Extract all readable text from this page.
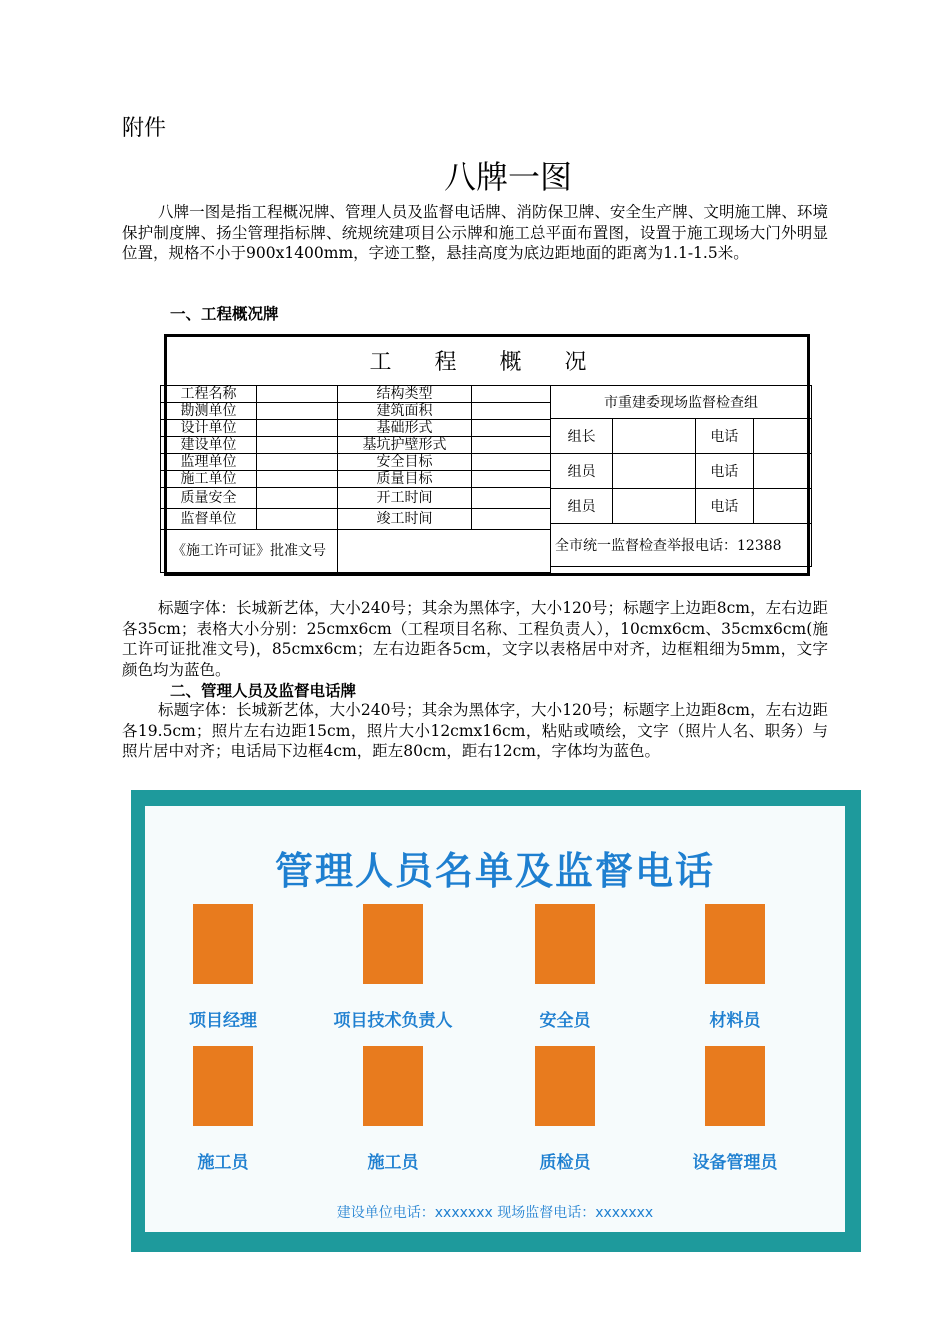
附件
八牌一图
八牌一图是指工程概况牌、管理人员及监督电话牌、消防保卫牌、安全生产牌、文明施工牌、环境保护制度牌、扬尘管理指标牌、统规统建项目公示牌和施工总平面布置图，设置于施工现场大门外明显位置，规格不小于900x1400mm，字迹工整，悬挂高度为底边距地面的距离为1.1-1.5米。
一、工程概况牌
工 程 概 况
工程名称		结构类型	
勘测单位		建筑面积	
设计单位		基础形式	
建设单位		基坑护壁形式	
监理单位		安全目标	
施工单位		质量目标	
质量安全		开工时间	
监督单位		竣工时间	
《施工许可证》批准文号			
市重建委现场监督检查组			
组长		电话	
组员		电话	
组员		电话	
全市统一监督检查举报电话：12388			
标题字体：长城新艺体，大小240号；其余为黑体字，大小120号；标题字上边距8cm，左右边距各35cm；表格大小分别：25cmx6cm（工程项目名称、工程负责人），10cmx6cm、35cmx6cm(施工许可证批准文号)，85cmx6cm；左右边距各5cm，文字以表格居中对齐，边框粗细为5mm，文字颜色均为蓝色。
二、管理人员及监督电话牌
标题字体：长城新艺体，大小240号；其余为黑体字，大小120号；标题字上边距8cm，左右边距各19.5cm；照片左右边距15cm，照片大小12cmx16cm，粘贴或喷绘，文字（照片人名、职务）与照片居中对齐；电话局下边框4cm，距左80cm，距右12cm，字体均为蓝色。
管理人员名单及监督电话
项目经理	项目技术负责人	安全员	材料员
施工员	施工员	质检员	设备管理员
建设单位电话：xxxxxxx 现场监督电话：xxxxxxx
